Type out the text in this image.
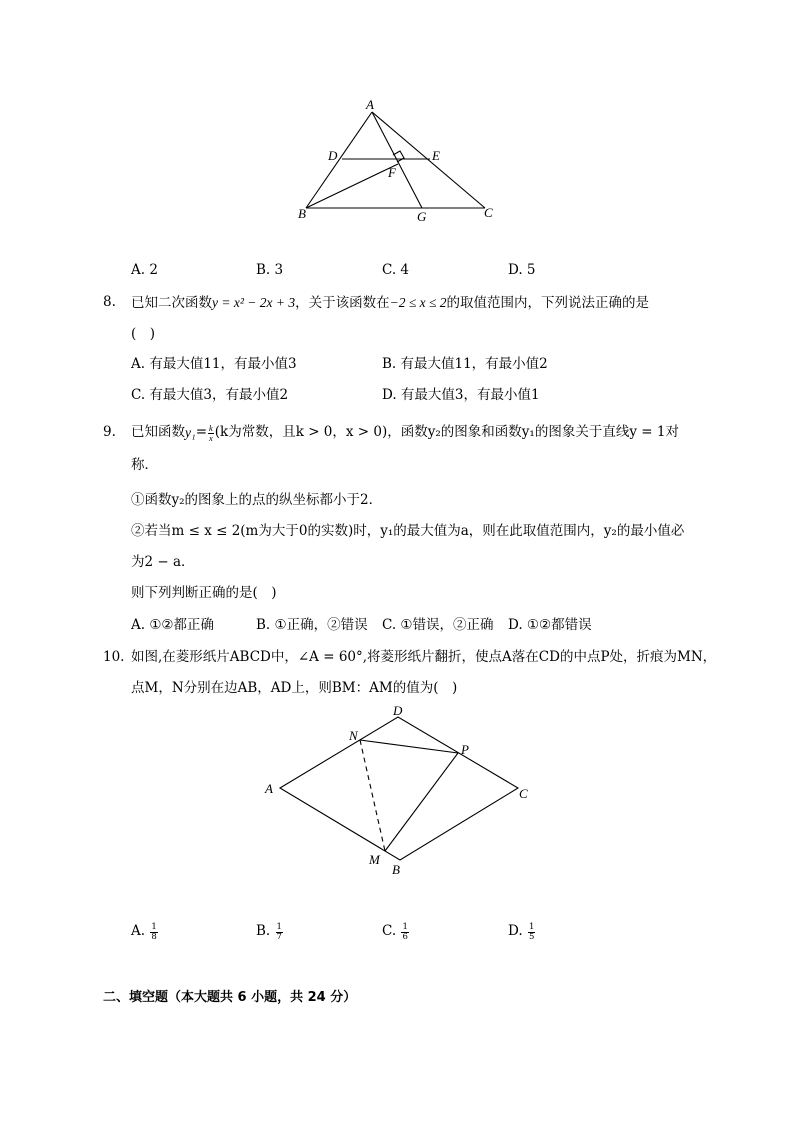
A
D	E
F
B	G	C
D
N
P
A	C
M
B
A. 2	B. 3	C. 4	D. 5
8. 已知二次函数y = x² − 2x + 3，关于该函数在−2 ≤ x ≤ 2的取值范围内，下列说法正确的是
(　)
A. 有最大值11，有最小值3	B. 有最大值11，有最小值2
C. 有最大值3，有最小值2	D. 有最大值3，有最小值1
9. 已知函数 $y_1 = \frac{k}{x} (k$为常数，且k > 0，x > 0)，函数y₂的图象和函数y₁的图象关于直线y = 1对
称．
①函数y₂的图象上的点的纵坐标都小于2．
②若当m ≤ x ≤ 2(m为大于0的实数)时，y₁的最大值为a，则在此取值范围内，y₂的最小值必
为2 − a．
则下列判断正确的是(　)
A. ①②都正确	B. ①正确，②错误 C. ①错误，②正确 D. ①②都错误
10. 如图,在菱形纸片ABCD中，∠A = 60°,将菱形纸片翻折，使点A落在CD的中点P处，折痕为MN，
点M，N分别在边AB，AD上，则BM：AM的值为(　)
A.
$\frac{1}{8}$	B.
$\frac{1}{7}$	C.
$\frac{1}{6}$	D.
$\frac{1}{5}$
二、填空题（本大题共 6 小题，共 24 分）
